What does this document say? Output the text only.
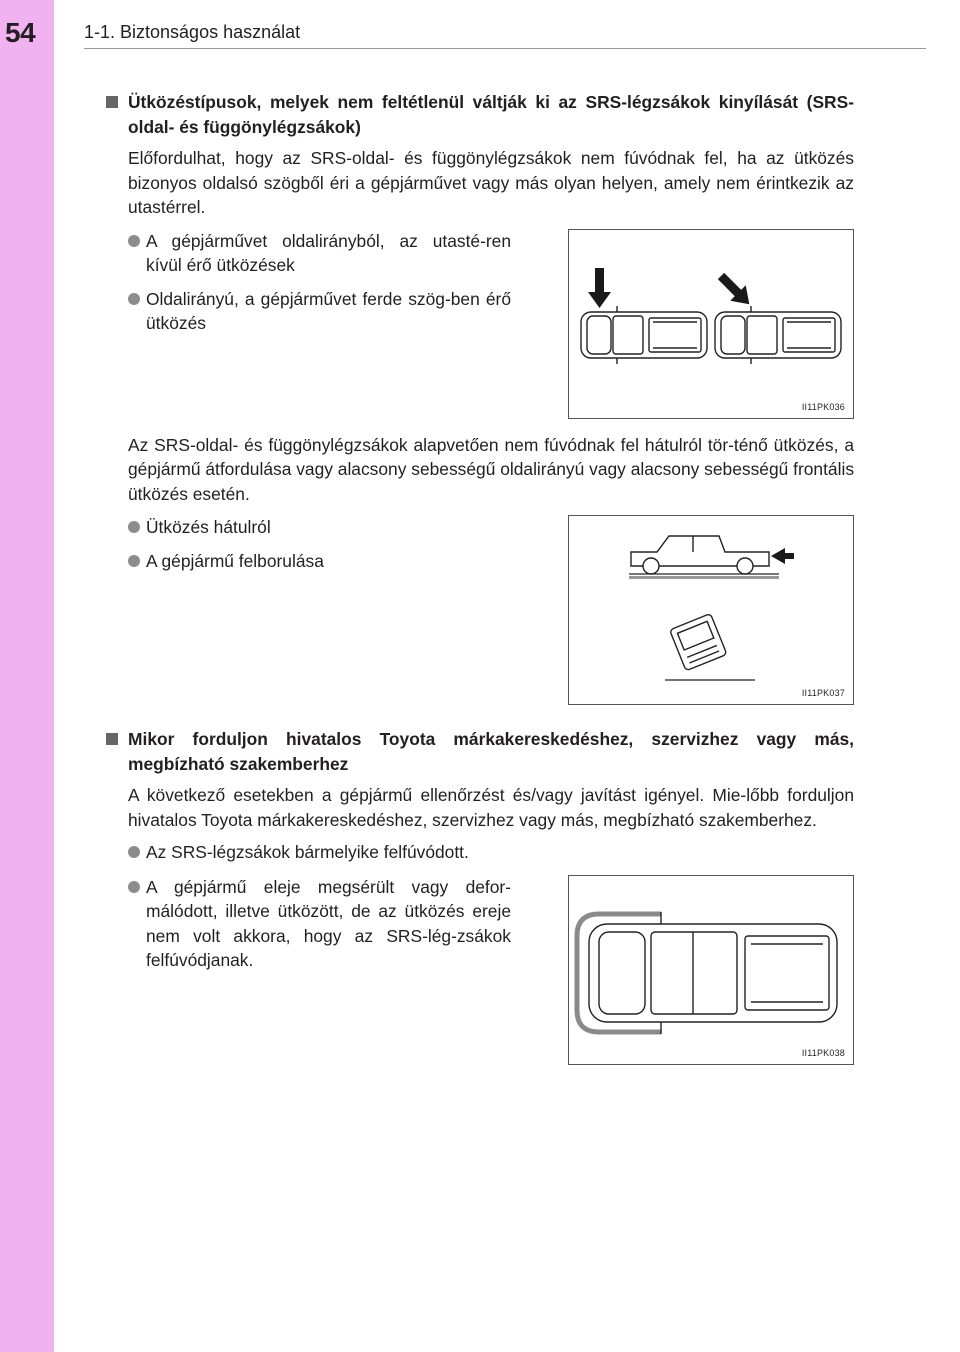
54	1-1. Biztonságos használat
Ütközéstípusok, melyek nem feltétlenül váltják ki az SRS-légzsákok kinyílását (SRS-oldal- és függönylégzsákok)
Előfordulhat, hogy az SRS-oldal- és függönylégzsákok nem fúvódnak fel, ha az ütközés bizonyos oldalsó szögből éri a gépjárművet vagy más olyan helyen, amely nem érintkezik az utastérrel.
A gépjárművet oldalirányból, az utasté-ren kívül érő ütközések
Oldalirányú, a gépjárművet ferde szög-ben érő ütközés
II11PK036
Az SRS-oldal- és függönylégzsákok alapvetően nem fúvódnak fel hátulról tör-ténő ütközés, a gépjármű átfordulása vagy alacsony sebességű oldalirányú vagy alacsony sebességű frontális ütközés esetén.
Ütközés hátulról
A gépjármű felborulása
II11PK037
Mikor forduljon hivatalos Toyota márkakereskedéshez, szervizhez vagy más, megbízható szakemberhez
A következő esetekben a gépjármű ellenőrzést és/vagy javítást igényel. Mie-lőbb forduljon hivatalos Toyota márkakereskedéshez, szervizhez vagy más, megbízható szakemberhez.
Az SRS-légzsákok bármelyike felfúvódott.
A gépjármű eleje megsérült vagy defor-málódott, illetve ütközött, de az ütközés ereje nem volt akkora, hogy az SRS-lég-zsákok felfúvódjanak.
II11PK038
